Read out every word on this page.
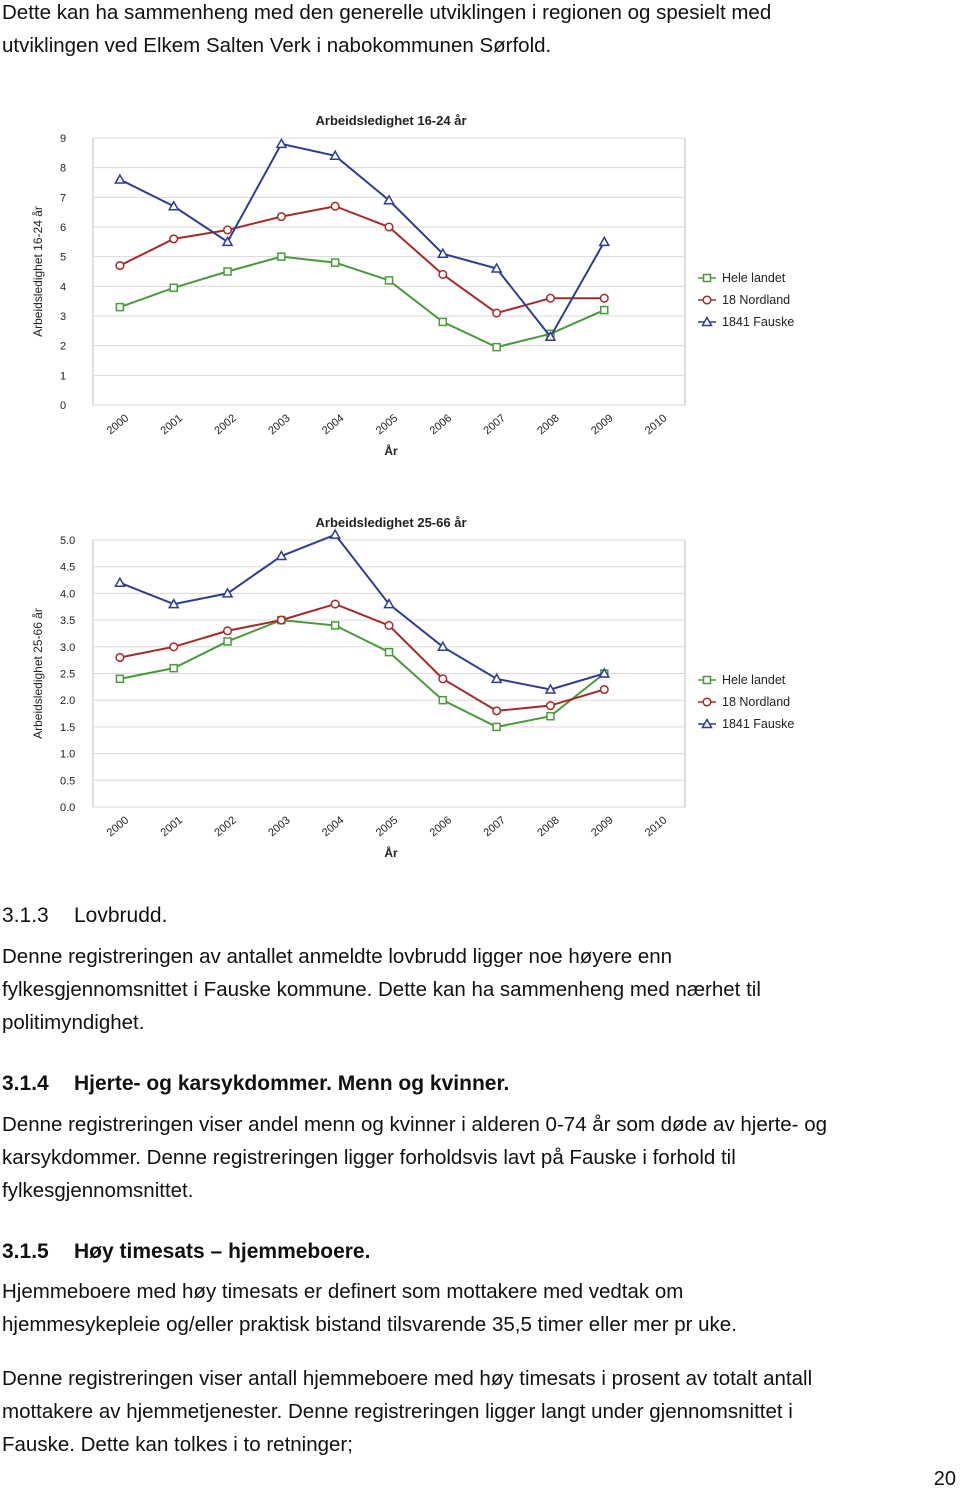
Dette kan ha sammenheng med den generelle utviklingen i regionen og spesielt med
utviklingen ved Elkem Salten Verk i nabokommunen Sørfold.

0
1
2
3
4
5
6
7
8
9
2000 2001 2002 2003 2004 2005 2006 2007 2008 2009 2010
Arbeidsledighet 16-24 år
År
Arbeidsledighet 16-24 år	Hele landet
18 Nordland
1841 Fauske
0.0
0.5
1.0
1.5
2.0
2.5
3.0
3.5
4.0
4.5
5.0
2000 2001 2002 2003 2004 2005 2006 2007 2008 2009 2010
Arbeidsledighet 25-66 år
År
Arbeidsledighet 25-66 år	Hele landet
18 Nordland
1841 Fauske

3.1.3 Lovbrudd.

Denne registreringen av antallet anmeldte lovbrudd ligger noe høyere enn
fylkesgjennomsnittet i Fauske kommune. Dette kan ha sammenheng med nærhet til
politimyndighet.

3.1.4 Hjerte- og karsykdommer. Menn og kvinner.

Denne registreringen viser andel menn og kvinner i alderen 0-74 år som døde av hjerte- og
karsykdommer. Denne registreringen ligger forholdsvis lavt på Fauske i forhold til
fylkesgjennomsnittet.

3.1.5 Høy timesats – hjemmeboere.

Hjemmeboere med høy timesats er definert som mottakere med vedtak om
hjemmesykepleie og/eller praktisk bistand tilsvarende 35,5 timer eller mer pr uke.

Denne registreringen viser antall hjemmeboere med høy timesats i prosent av totalt antall
mottakere av hjemmetjenester. Denne registreringen ligger langt under gjennomsnittet i
Fauske. Dette kan tolkes i to retninger;

20
